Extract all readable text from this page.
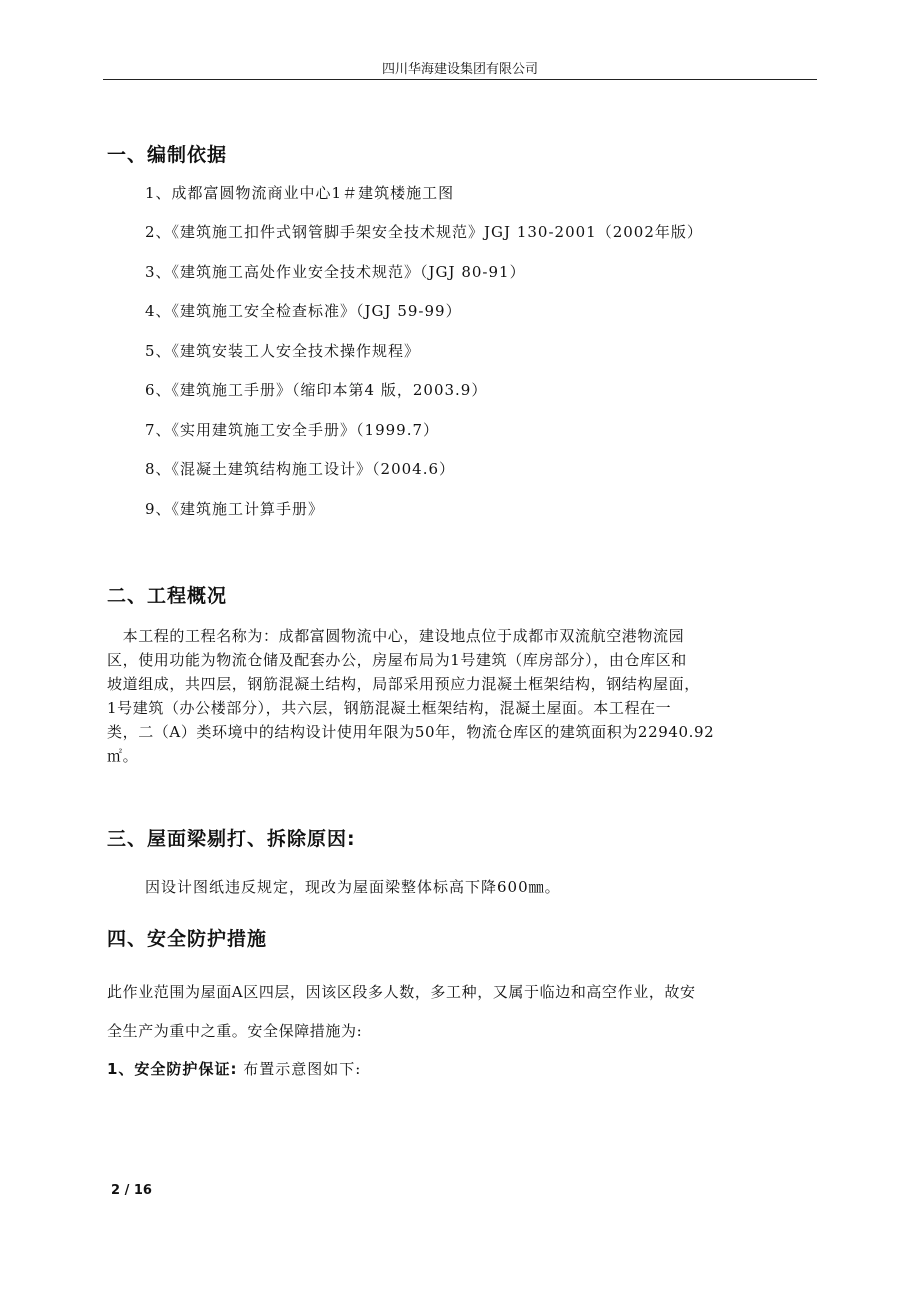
四川华海建设集团有限公司
一、编制依据
1、成都富圆物流商业中心1＃建筑楼施工图
2、《建筑施工扣件式钢管脚手架安全技术规范》JGJ 130-2001（2002年版）
3、《建筑施工高处作业安全技术规范》（JGJ 80-91）
4、《建筑施工安全检查标准》（JGJ 59-99）
5、《建筑安装工人安全技术操作规程》
6、《建筑施工手册》（缩印本第4 版，2003.9）
7、《实用建筑施工安全手册》（1999.7）
8、《混凝土建筑结构施工设计》（2004.6）
9、《建筑施工计算手册》
二、工程概况
　本工程的工程名称为：成都富圆物流中心，建设地点位于成都市双流航空港物流园
区，使用功能为物流仓储及配套办公，房屋布局为1号建筑（库房部分），由仓库区和
坡道组成，共四层，钢筋混凝土结构，局部采用预应力混凝土框架结构，钢结构屋面，
1号建筑（办公楼部分），共六层，钢筋混凝土框架结构，混凝土屋面。本工程在一
类，二（A）类环境中的结构设计使用年限为50年，物流仓库区的建筑面积为22940.92
㎡。
三、屋面梁剔打、拆除原因:
因设计图纸违反规定，现改为屋面梁整体标高下降600㎜。
四、安全防护措施
此作业范围为屋面A区四层，因该区段多人数，多工种，又属于临边和高空作业，故安
全生产为重中之重。安全保障措施为:
1、安全防护保证: 布置示意图如下:
2 / 16
